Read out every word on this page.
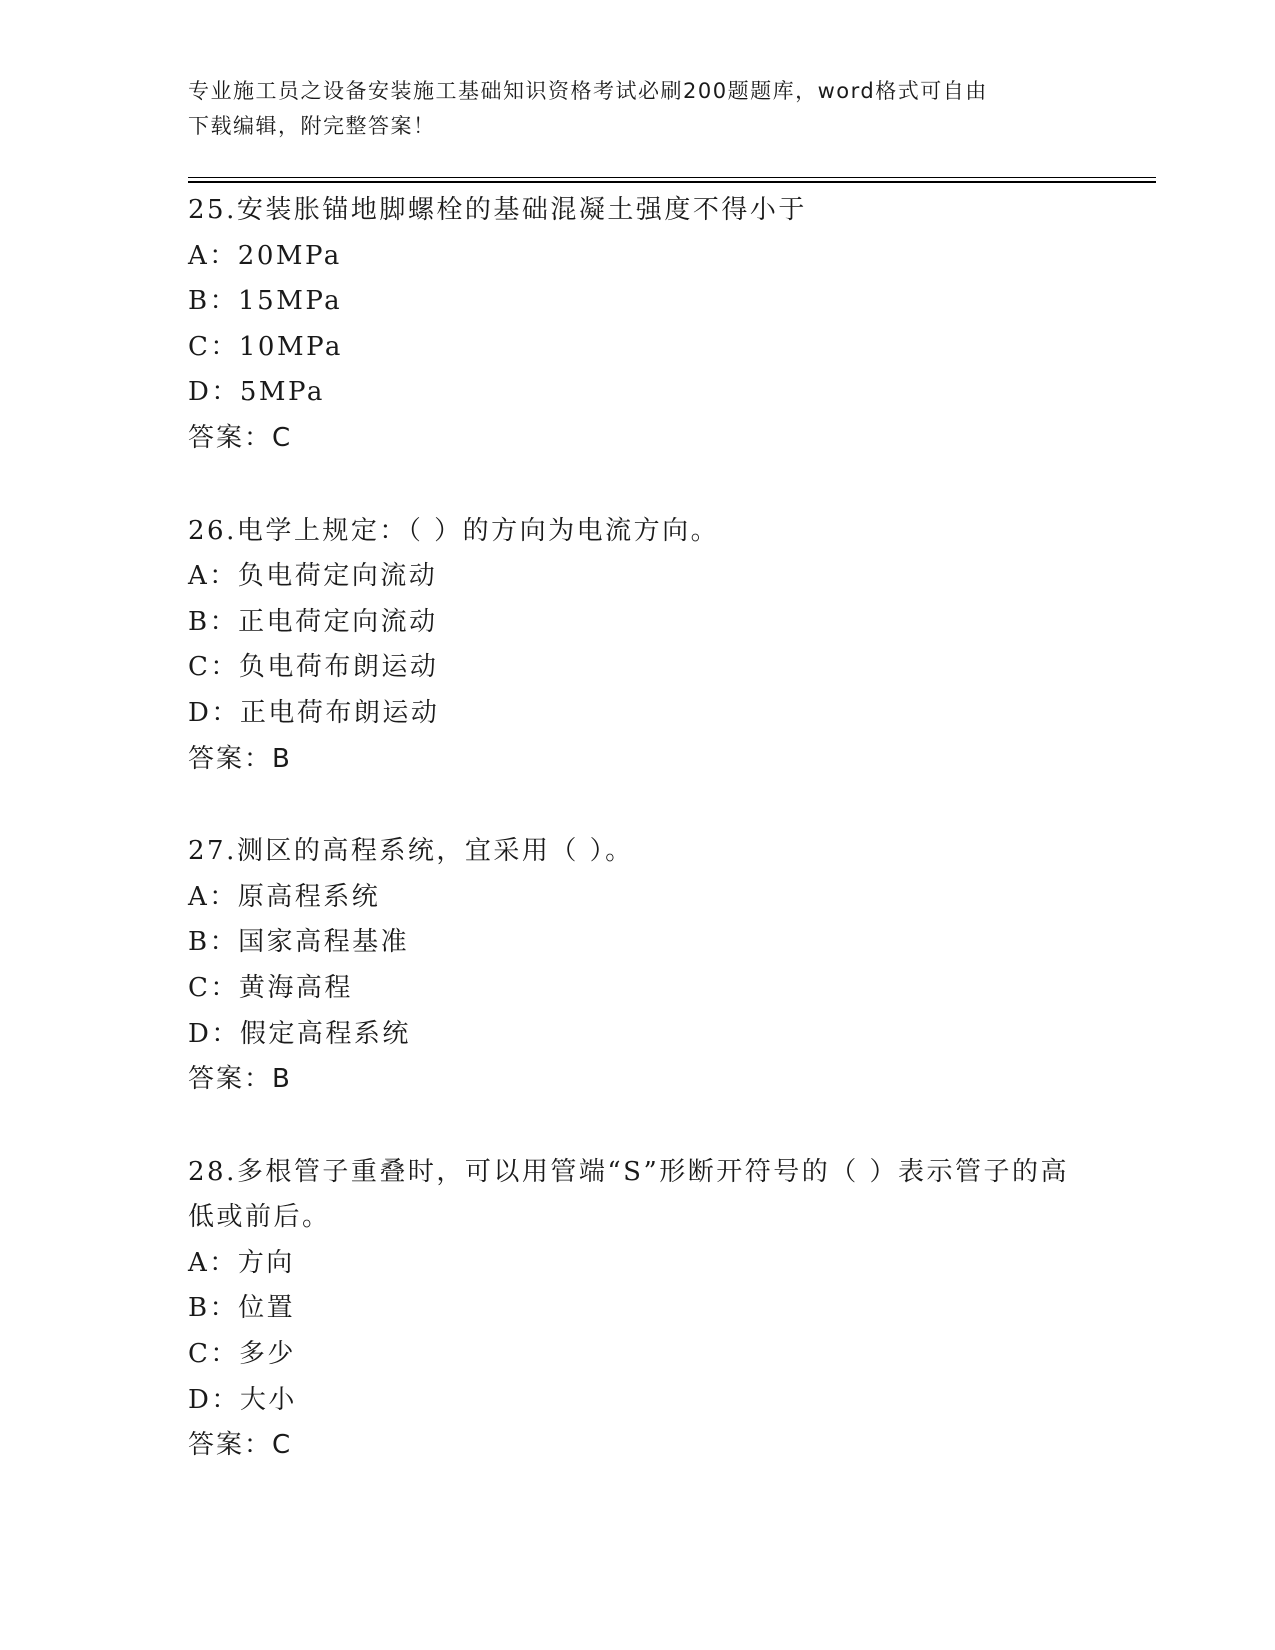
专业施工员之设备安装施工基础知识资格考试必刷200题题库，word格式可自由
下载编辑，附完整答案！

25.安装胀锚地脚螺栓的基础混凝土强度不得小于

A：20MPa

B：15MPa

C：10MPa

D：5MPa

答案：C

26.电学上规定：（ ）的方向为电流方向。

A：负电荷定向流动

B：正电荷定向流动

C：负电荷布朗运动

D：正电荷布朗运动

答案：B

27.测区的高程系统，宜采用（ ）。

A：原高程系统

B：国家高程基准

C：黄海高程

D：假定高程系统

答案：B

28.多根管子重叠时，可以用管端“S”形断开符号的（ ）表示管子的高低或前后。

A：方向

B：位置

C：多少

D：大小

答案：C
